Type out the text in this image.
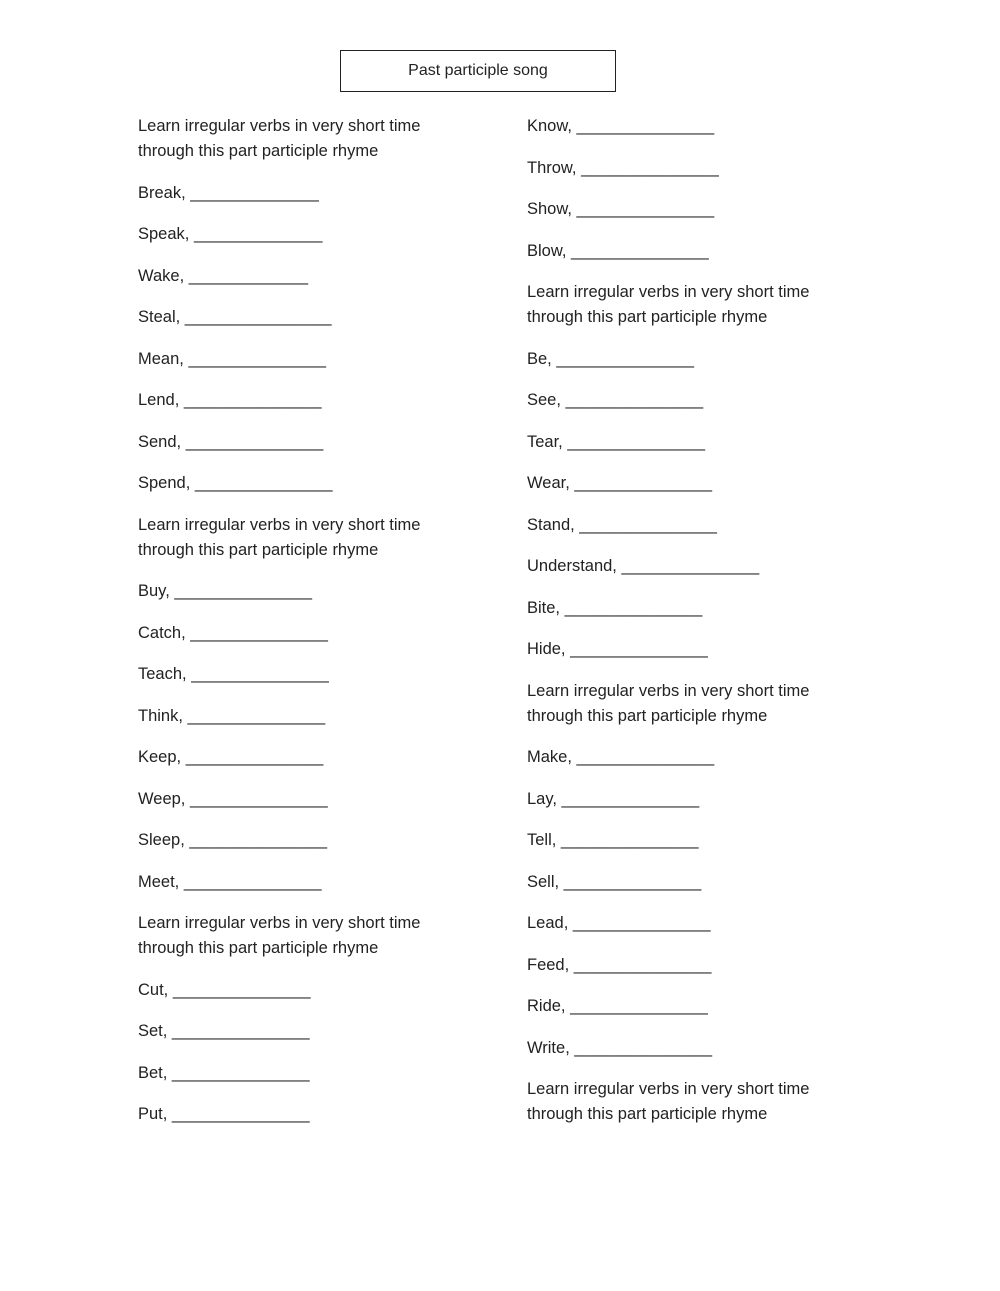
Past participle song
Learn irregular verbs in very short time
through this part participle rhyme
Break, ______________
Speak, ______________
Wake, _____________
Steal, ________________
Mean, _______________
Lend, _______________
Send, _______________
Spend, _______________
Learn irregular verbs in very short time
through this part participle rhyme
Buy, _______________
Catch, _______________
Teach, _______________
Think, _______________
Keep, _______________
Weep, _______________
Sleep, _______________
Meet, _______________
Learn irregular verbs in very short time
through this part participle rhyme
Cut, _______________
Set, _______________
Bet, _______________
Put, _______________
Know, _______________
Throw, _______________
Show, _______________
Blow, _______________
Learn irregular verbs in very short time
through this part participle rhyme
Be, _______________
See, _______________
Tear, _______________
Wear, _______________
Stand, _______________
Understand, _______________
Bite, _______________
Hide, _______________
Learn irregular verbs in very short time
through this part participle rhyme
Make, _______________
Lay, _______________
Tell, _______________
Sell, _______________
Lead, _______________
Feed, _______________
Ride, _______________
Write, _______________
Learn irregular verbs in very short time
through this part participle rhyme
